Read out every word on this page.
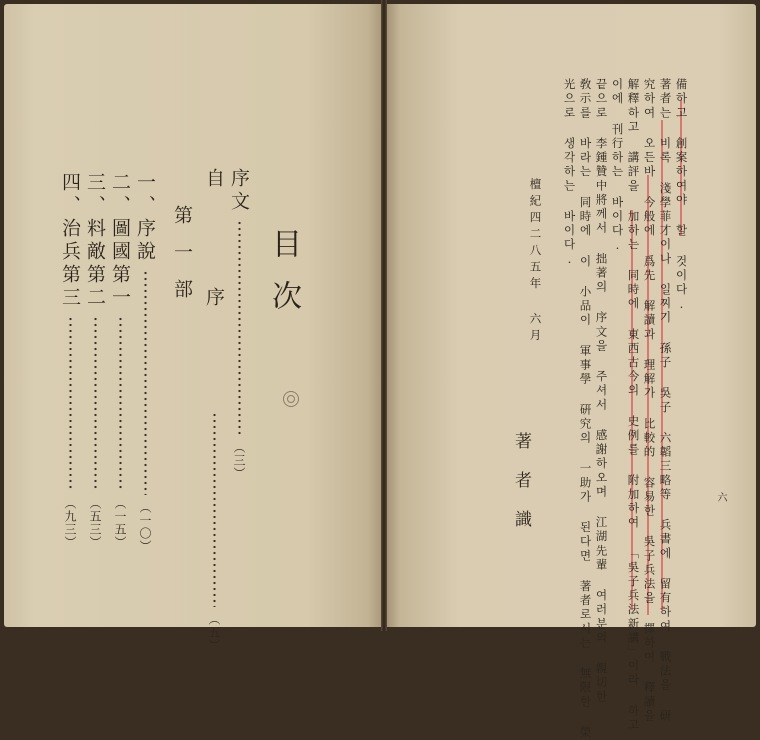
目次
序文（三）
自序（五）
第一部
一、序說（一〇）
二、圖國第一（一五）
三、料敵第二（五三）
四、治兵第三（九三）
備하고 創案하여야 할 것이다.
著者는 비록 淺學菲才이나 일찌기 孫子 吳子 六韜三略等 兵書에 留有하여 戰法을 研
究하여 오든바 今般에 爲先 解讀과 理解가 比較的 容易한 吳子兵法을 擇하여 釋讀을
解釋하고 講評을 加하는 同時에 東西古今의 史例를 附加하여 「吳子兵法新講」이라 하고
이에 刊行하는 바이다.
끝으로 李鍾贊中將께서 拙著의 序文을 주셔서 感謝하오며 江湖先輩 여러분의 親切한
敎示를 바라는 同時에 이 小品이 軍事學 硏究의 一助가 된다면 著者로서는 無限한 榮
光으로 생각하는 바이다.
檀紀四二八五年 六月
著者識	六
